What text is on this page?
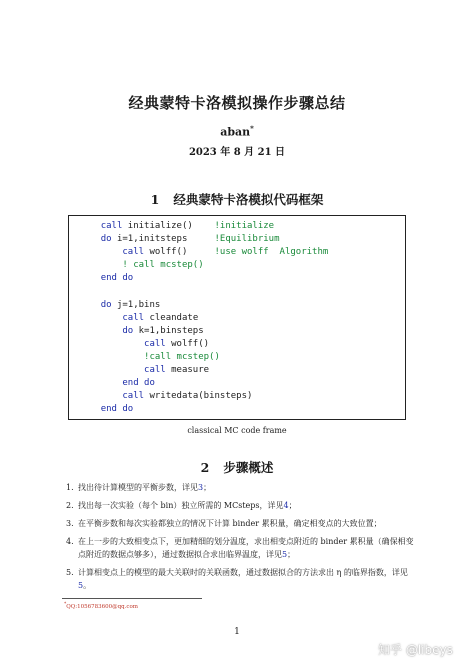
经典蒙特卡洛模拟操作步骤总结
aban*
2023 年 8 月 21 日
1 经典蒙特卡洛模拟代码框架
call initialize()    !initialize
do i=1,initsteps     !Equilibrium
call wolff()     !use wolff  Algorithm
! call mcstep()
end do

do j=1,bins
call cleandate
do k=1,binsteps
call wolff()
!call mcstep()
call measure
end do
call writedata(binsteps)
end do
classical MC code frame
2 步骤概述
1. 找出待计算模型的平衡步数，详见3；
2. 找出每一次实验（每个 bin）独立所需的 MCsteps，详见4；
3. 在平衡步数和每次实验都独立的情况下计算 binder 累积量，确定相变点的大致位置；
4. 在上一步的大致相变点下，更加精细的划分温度，求出相变点附近的 binder 累积量（确保相变点附近的数据点够多），通过数据拟合求出临界温度，详见5；
5. 计算相变点上的模型的最大关联时的关联函数，通过数据拟合的方法求出 η 的临界指数，详见5。
*QQ:1056783600@qq.com
1
知乎 @libeys
